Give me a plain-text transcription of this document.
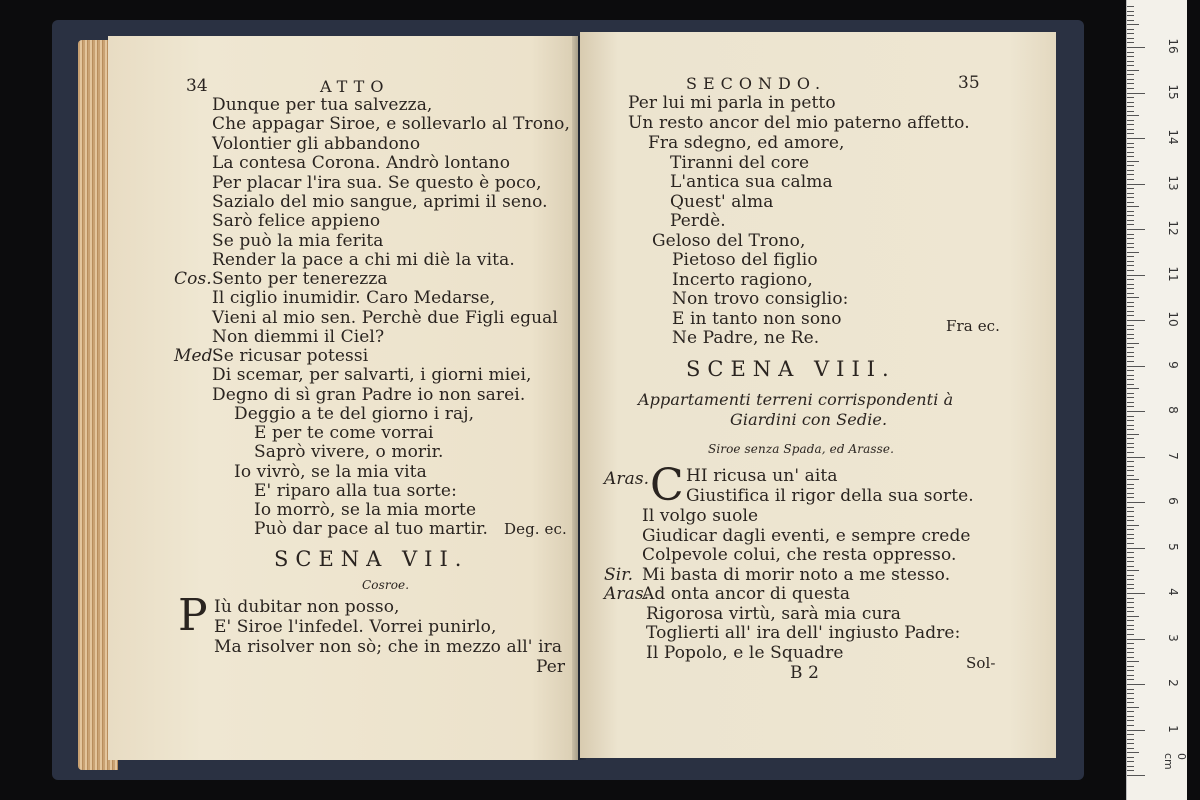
34	ATTO
Dunque per tua salvezza,
Che appagar Siroe, e sollevarlo al Trono,
Volontier gli abbandono
La contesa Corona. Andrò lontano
Per placar l'ira sua. Se questo è poco,
Sazialo del mio sangue, aprimi il seno.
Sarò felice appieno
Se può la mia ferita
Render la pace a chi mi diè la vita.
Cos. Sento per tenerezza
Il ciglio inumidir. Caro Medarse,
Vieni al mio sen. Perchè due Figli egual
Non diemmi il Ciel?
Med.
Se ricusar potessi
Di scemar, per salvarti, i giorni miei,
Degno di sì gran Padre io non sarei.
Deggio a te del giorno i raj,
E per te come vorrai
Saprò vivere, o morir.
Io vivrò, se la mia vita
E' riparo alla tua sorte:
Io morrò, se la mia morte
Può dar pace al tuo martir. Deg. ec.
SCENA VII.
Cosroe.
P Iù dubitar non posso,
E' Siroe l'infedel. Vorrei punirlo,
Ma risolver non sò; che in mezzo all' ira
Per
SECONDO.	35
Per lui mi parla in petto
Un resto ancor del mio paterno affetto.
Fra sdegno, ed amore,
Tiranni del core
L'antica sua calma
Quest' alma
Perdè.
Geloso del Trono,
Pietoso del figlio
Incerto ragiono,
Non trovo consiglio:
E in tanto non sono
Ne Padre, ne Re.
Fra ec.
SCENA VIII.
Appartamenti terreni corrispondenti à
Giardini con Sedie.
Siroe senza Spada, ed Arasse.
Aras. C HI ricusa un' aita
Giustifica il rigor della sua sorte.
Il volgo suole
Giudicar dagli eventi, e sempre crede
Colpevole colui, che resta oppresso.
Sir. Mi basta di morir noto a me stesso.
Aras.
Ad onta ancor di questa
Rigorosa virtù, sarà mia cura
Toglierti all' ira dell' ingiusto Padre:
Il Popolo, e le Squadre
B 2	Sol-
1
2
3
4
5
6
7
8
9
10
11
12
13
14
15
16
0 cm
